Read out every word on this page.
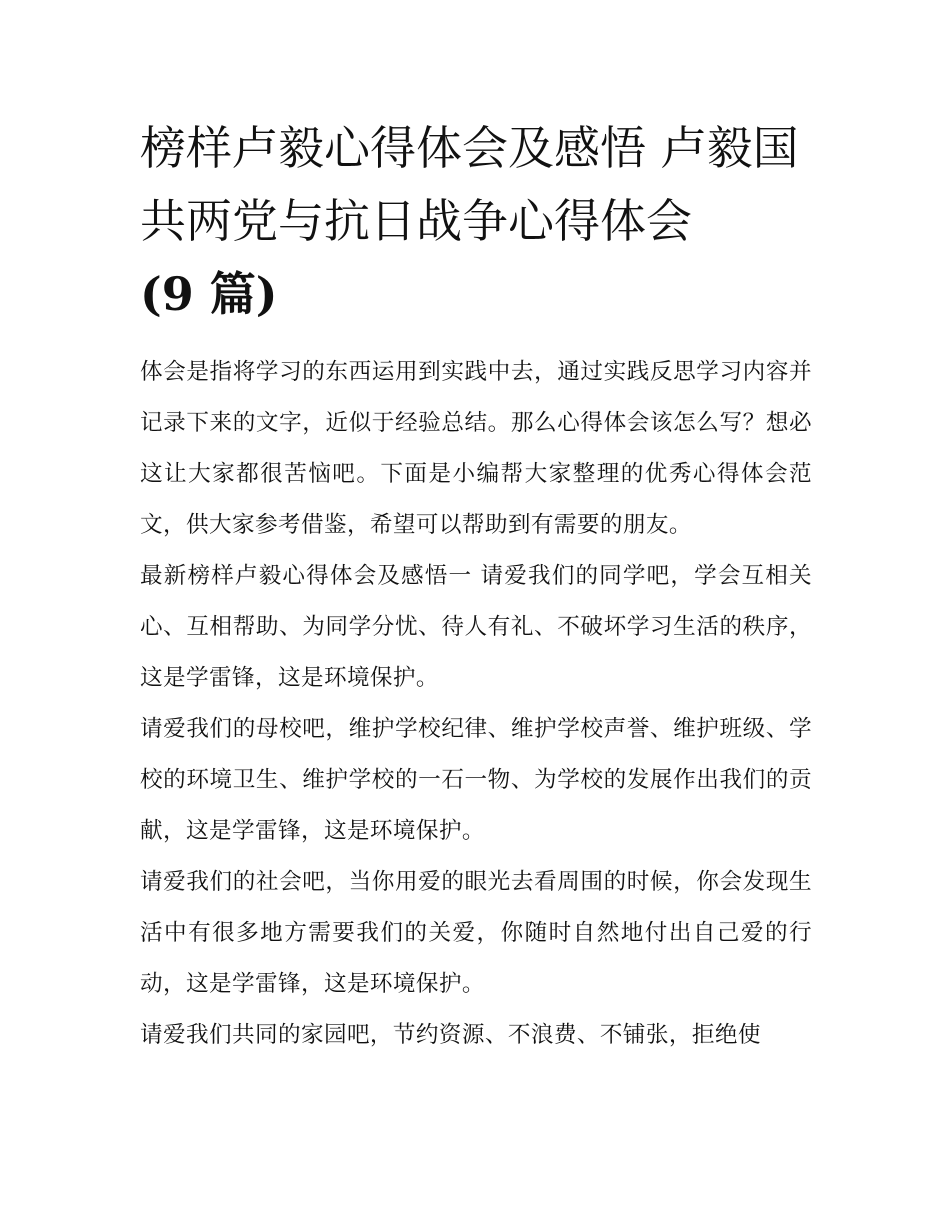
榜样卢毅心得体会及感悟 卢毅国共两党与抗日战争心得体会
(9 篇)

体会是指将学习的东西运用到实践中去，通过实践反思学习内容并记录下来的文字，近似于经验总结。那么心得体会该怎么写？想必这让大家都很苦恼吧。下面是小编帮大家整理的优秀心得体会范文，供大家参考借鉴，希望可以帮助到有需要的朋友。

最新榜样卢毅心得体会及感悟一 请爱我们的同学吧，学会互相关心、互相帮助、为同学分忧、待人有礼、不破坏学习生活的秩序，这是学雷锋，这是环境保护。

请爱我们的母校吧，维护学校纪律、维护学校声誉、维护班级、学校的环境卫生、维护学校的一石一物、为学校的发展作出我们的贡献，这是学雷锋，这是环境保护。

请爱我们的社会吧，当你用爱的眼光去看周围的时候，你会发现生活中有很多地方需要我们的关爱，你随时自然地付出自己爱的行动，这是学雷锋，这是环境保护。

请爱我们共同的家园吧，节约资源、不浪费、不铺张，拒绝使
